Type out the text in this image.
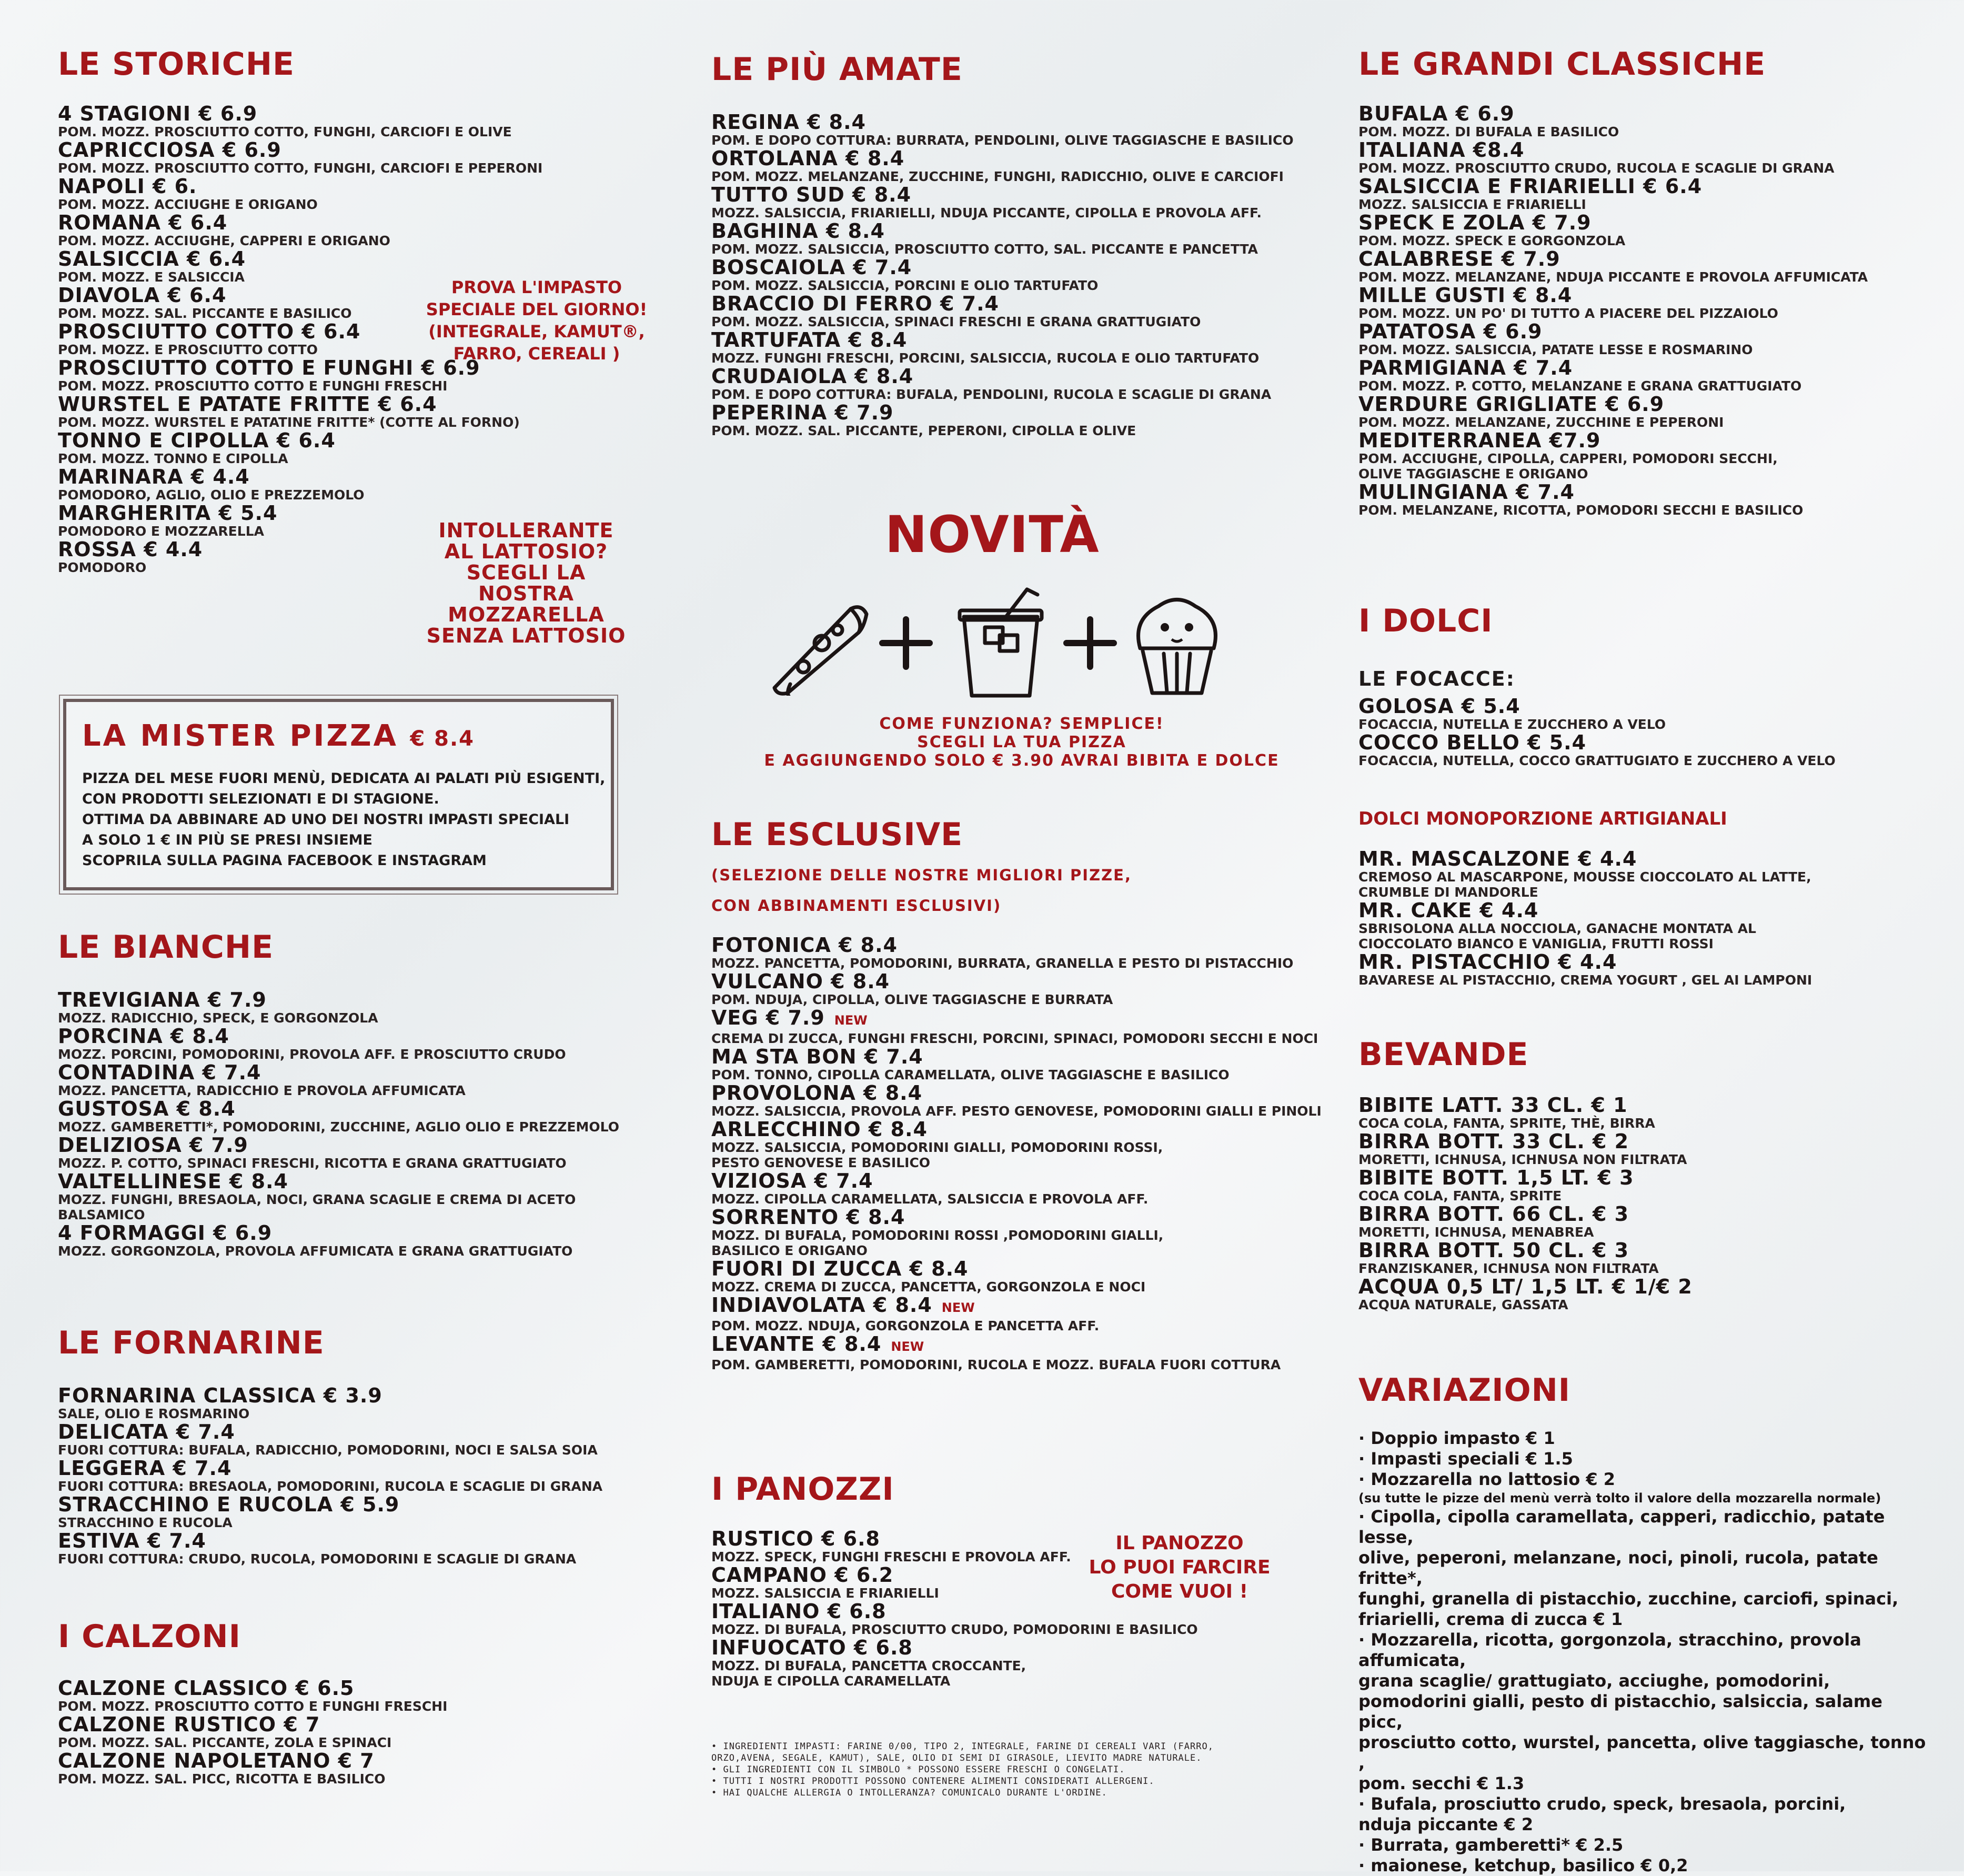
LE STORICHE
4 STAGIONI € 6.9
POM. MOZZ. PROSCIUTTO COTTO, FUNGHI, CARCIOFI E OLIVE
CAPRICCIOSA € 6.9
POM. MOZZ. PROSCIUTTO COTTO, FUNGHI, CARCIOFI E PEPERONI
NAPOLI € 6.
POM. MOZZ. ACCIUGHE E ORIGANO
ROMANA € 6.4
POM. MOZZ. ACCIUGHE, CAPPERI E ORIGANO
SALSICCIA € 6.4
POM. MOZZ. E SALSICCIA
DIAVOLA € 6.4
POM. MOZZ. SAL. PICCANTE E BASILICO
PROSCIUTTO COTTO € 6.4
POM. MOZZ. E PROSCIUTTO COTTO
PROSCIUTTO COTTO E FUNGHI € 6.9
POM. MOZZ. PROSCIUTTO COTTO E FUNGHI FRESCHI
WURSTEL E PATATE FRITTE € 6.4
POM. MOZZ. WURSTEL E PATATINE FRITTE* (COTTE AL FORNO)
TONNO E CIPOLLA € 6.4
POM. MOZZ. TONNO E CIPOLLA
MARINARA € 4.4
POMODORO, AGLIO, OLIO E PREZZEMOLO
MARGHERITA € 5.4
POMODORO E MOZZARELLA
ROSSA € 4.4
POMODORO
PROVA L'IMPASTO
SPECIALE DEL GIORNO!
(INTEGRALE, KAMUT®,
FARRO, CEREALI )
INTOLLERANTE
AL LATTOSIO?
SCEGLI LA
NOSTRA
MOZZARELLA
SENZA LATTOSIO
LA MISTER PIZZA € 8.4
PIZZA DEL MESE FUORI MENÙ, DEDICATA AI PALATI PIÙ ESIGENTI,
CON PRODOTTI SELEZIONATI E DI STAGIONE.
OTTIMA DA ABBINARE AD UNO DEI NOSTRI IMPASTI SPECIALI
A SOLO 1 € IN PIÙ SE PRESI INSIEME
SCOPRILA SULLA PAGINA FACEBOOK E INSTAGRAM
LE BIANCHE
TREVIGIANA € 7.9
MOZZ. RADICCHIO, SPECK, E GORGONZOLA
PORCINA € 8.4
MOZZ. PORCINI, POMODORINI, PROVOLA AFF. E PROSCIUTTO CRUDO
CONTADINA € 7.4
MOZZ. PANCETTA, RADICCHIO E PROVOLA AFFUMICATA
GUSTOSA € 8.4
MOZZ. GAMBERETTI*, POMODORINI, ZUCCHINE, AGLIO OLIO E PREZZEMOLO
DELIZIOSA € 7.9
MOZZ. P. COTTO, SPINACI FRESCHI, RICOTTA E GRANA GRATTUGIATO
VALTELLINESE € 8.4
MOZZ. FUNGHI, BRESAOLA, NOCI, GRANA SCAGLIE E CREMA DI ACETO
BALSAMICO
4 FORMAGGI € 6.9
MOZZ. GORGONZOLA, PROVOLA AFFUMICATA E GRANA GRATTUGIATO
LE FORNARINE
FORNARINA CLASSICA € 3.9
SALE, OLIO E ROSMARINO
DELICATA € 7.4
FUORI COTTURA: BUFALA, RADICCHIO, POMODORINI, NOCI E SALSA SOIA
LEGGERA € 7.4
FUORI COTTURA: BRESAOLA, POMODORINI, RUCOLA E SCAGLIE DI GRANA
STRACCHINO E RUCOLA € 5.9
STRACCHINO E RUCOLA
ESTIVA € 7.4
FUORI COTTURA: CRUDO, RUCOLA, POMODORINI E SCAGLIE DI GRANA
I CALZONI
CALZONE CLASSICO € 6.5
POM. MOZZ. PROSCIUTTO COTTO E FUNGHI FRESCHI
CALZONE RUSTICO € 7
POM. MOZZ. SAL. PICCANTE, ZOLA E SPINACI
CALZONE NAPOLETANO € 7
POM. MOZZ. SAL. PICC, RICOTTA E BASILICO
LE PIÙ AMATE
REGINA € 8.4
POM. E DOPO COTTURA: BURRATA, PENDOLINI, OLIVE TAGGIASCHE E BASILICO
ORTOLANA € 8.4
POM. MOZZ. MELANZANE, ZUCCHINE, FUNGHI, RADICCHIO, OLIVE E CARCIOFI
TUTTO SUD € 8.4
MOZZ. SALSICCIA, FRIARIELLI, NDUJA PICCANTE, CIPOLLA E PROVOLA AFF.
BAGHINA € 8.4
POM. MOZZ. SALSICCIA, PROSCIUTTO COTTO, SAL. PICCANTE E PANCETTA
BOSCAIOLA € 7.4
POM. MOZZ. SALSICCIA, PORCINI E OLIO TARTUFATO
BRACCIO DI FERRO € 7.4
POM. MOZZ. SALSICCIA, SPINACI FRESCHI E GRANA GRATTUGIATO
TARTUFATA € 8.4
MOZZ. FUNGHI FRESCHI, PORCINI, SALSICCIA, RUCOLA E OLIO TARTUFATO
CRUDAIOLA € 8.4
POM. E DOPO COTTURA: BUFALA, PENDOLINI, RUCOLA E SCAGLIE DI GRANA
PEPERINA € 7.9
POM. MOZZ. SAL. PICCANTE, PEPERONI, CIPOLLA E OLIVE
NOVITÀ
COME FUNZIONA? SEMPLICE!
SCEGLI LA TUA PIZZA
E AGGIUNGENDO SOLO € 3.90 AVRAI BIBITA E DOLCE
LE ESCLUSIVE
(SELEZIONE DELLE NOSTRE MIGLIORI PIZZE,
CON ABBINAMENTI ESCLUSIVI)
FOTONICA € 8.4
MOZZ. PANCETTA, POMODORINI, BURRATA, GRANELLA E PESTO DI PISTACCHIO
VULCANO € 8.4
POM. NDUJA, CIPOLLA, OLIVE TAGGIASCHE E BURRATA
VEG € 7.9 NEW
CREMA DI ZUCCA, FUNGHI FRESCHI, PORCINI, SPINACI, POMODORI SECCHI E NOCI
MA STA BON € 7.4
POM. TONNO, CIPOLLA CARAMELLATA, OLIVE TAGGIASCHE E BASILICO
PROVOLONA € 8.4
MOZZ. SALSICCIA, PROVOLA AFF. PESTO GENOVESE, POMODORINI GIALLI E PINOLI
ARLECCHINO € 8.4
MOZZ. SALSICCIA, POMODORINI GIALLI, POMODORINI ROSSI,
PESTO GENOVESE E BASILICO
VIZIOSA € 7.4
MOZZ. CIPOLLA CARAMELLATA, SALSICCIA E PROVOLA AFF.
SORRENTO € 8.4
MOZZ. DI BUFALA, POMODORINI ROSSI ,POMODORINI GIALLI,
BASILICO E ORIGANO
FUORI DI ZUCCA € 8.4
MOZZ. CREMA DI ZUCCA, PANCETTA, GORGONZOLA E NOCI
INDIAVOLATA € 8.4 NEW
POM. MOZZ. NDUJA, GORGONZOLA E PANCETTA AFF.
LEVANTE € 8.4 NEW
POM. GAMBERETTI, POMODORINI, RUCOLA E MOZZ. BUFALA FUORI COTTURA
I PANOZZI
RUSTICO € 6.8
MOZZ. SPECK, FUNGHI FRESCHI E PROVOLA AFF.
CAMPANO € 6.2
MOZZ. SALSICCIA E FRIARIELLI
ITALIANO € 6.8
MOZZ. DI BUFALA, PROSCIUTTO CRUDO, POMODORINI E BASILICO
INFUOCATO € 6.8
MOZZ. DI BUFALA, PANCETTA CROCCANTE,
NDUJA E CIPOLLA CARAMELLATA
IL PANOZZO
LO PUOI FARCIRE
COME VUOI !
• INGREDIENTI IMPASTI: FARINE 0/00, TIPO 2, INTEGRALE, FARINE DI CEREALI VARI (FARRO,
ORZO,AVENA, SEGALE, KAMUT), SALE, OLIO DI SEMI DI GIRASOLE, LIEVITO MADRE NATURALE.
• GLI INGREDIENTI CON IL SIMBOLO * POSSONO ESSERE FRESCHI O CONGELATI.
• TUTTI I NOSTRI PRODOTTI POSSONO CONTENERE ALIMENTI CONSIDERATI ALLERGENI.
• HAI QUALCHE ALLERGIA O INTOLLERANZA? COMUNICALO DURANTE L'ORDINE.
LE GRANDI CLASSICHE
BUFALA € 6.9
POM. MOZZ. DI BUFALA E BASILICO
ITALIANA €8.4
POM. MOZZ. PROSCIUTTO CRUDO, RUCOLA E SCAGLIE DI GRANA
SALSICCIA E FRIARIELLI € 6.4
MOZZ. SALSICCIA E FRIARIELLI
SPECK E ZOLA € 7.9
POM. MOZZ. SPECK E GORGONZOLA
CALABRESE € 7.9
POM. MOZZ. MELANZANE, NDUJA PICCANTE E PROVOLA AFFUMICATA
MILLE GUSTI € 8.4
POM. MOZZ. UN PO' DI TUTTO A PIACERE DEL PIZZAIOLO
PATATOSA € 6.9
POM. MOZZ. SALSICCIA, PATATE LESSE E ROSMARINO
PARMIGIANA € 7.4
POM. MOZZ. P. COTTO, MELANZANE E GRANA GRATTUGIATO
VERDURE GRIGLIATE € 6.9
POM. MOZZ. MELANZANE, ZUCCHINE E PEPERONI
MEDITERRANEA €7.9
POM. ACCIUGHE, CIPOLLA, CAPPERI, POMODORI SECCHI,
OLIVE TAGGIASCHE E ORIGANO
MULINGIANA € 7.4
POM. MELANZANE, RICOTTA, POMODORI SECCHI E BASILICO
I DOLCI
LE FOCACCE:
GOLOSA € 5.4
FOCACCIA, NUTELLA E ZUCCHERO A VELO
COCCO BELLO € 5.4
FOCACCIA, NUTELLA, COCCO GRATTUGIATO E ZUCCHERO A VELO
DOLCI MONOPORZIONE ARTIGIANALI
MR. MASCALZONE € 4.4
CREMOSO AL MASCARPONE, MOUSSE CIOCCOLATO AL LATTE,
CRUMBLE DI MANDORLE
MR. CAKE € 4.4
SBRISOLONA ALLA NOCCIOLA, GANACHE MONTATA AL
CIOCCOLATO BIANCO E VANIGLIA, FRUTTI ROSSI
MR. PISTACCHIO € 4.4
BAVARESE AL PISTACCHIO, CREMA YOGURT , GEL AI LAMPONI
BEVANDE
BIBITE LATT. 33 CL. € 1
COCA COLA, FANTA, SPRITE, THÈ, BIRRA
BIRRA BOTT. 33 CL. € 2
MORETTI, ICHNUSA, ICHNUSA NON FILTRATA
BIBITE BOTT. 1,5 LT. € 3
COCA COLA, FANTA, SPRITE
BIRRA BOTT. 66 CL. € 3
MORETTI, ICHNUSA, MENABREA
BIRRA BOTT. 50 CL. € 3
FRANZISKANER, ICHNUSA NON FILTRATA
ACQUA 0,5 LT/ 1,5 LT. € 1/€ 2
ACQUA NATURALE, GASSATA
VARIAZIONI
· Doppio impasto € 1
· Impasti speciali € 1.5
· Mozzarella no lattosio € 2
(su tutte le pizze del menù verrà tolto il valore della mozzarella normale)
· Cipolla, cipolla caramellata, capperi, radicchio, patate lesse,
olive, peperoni, melanzane, noci, pinoli, rucola, patate fritte*,
funghi, granella di pistacchio, zucchine, carciofi, spinaci,
friarielli, crema di zucca € 1
· Mozzarella, ricotta, gorgonzola, stracchino, provola affumicata,
grana scaglie/ grattugiato, acciughe, pomodorini,
pomodorini gialli, pesto di pistacchio, salsiccia, salame picc,
prosciutto cotto, wurstel, pancetta, olive taggiasche, tonno ,
pom. secchi € 1.3
· Bufala, prosciutto crudo, speck, bresaola, porcini,
nduja piccante € 2
· Burrata, gamberetti* € 2.5
· maionese, ketchup, basilico € 0,2
